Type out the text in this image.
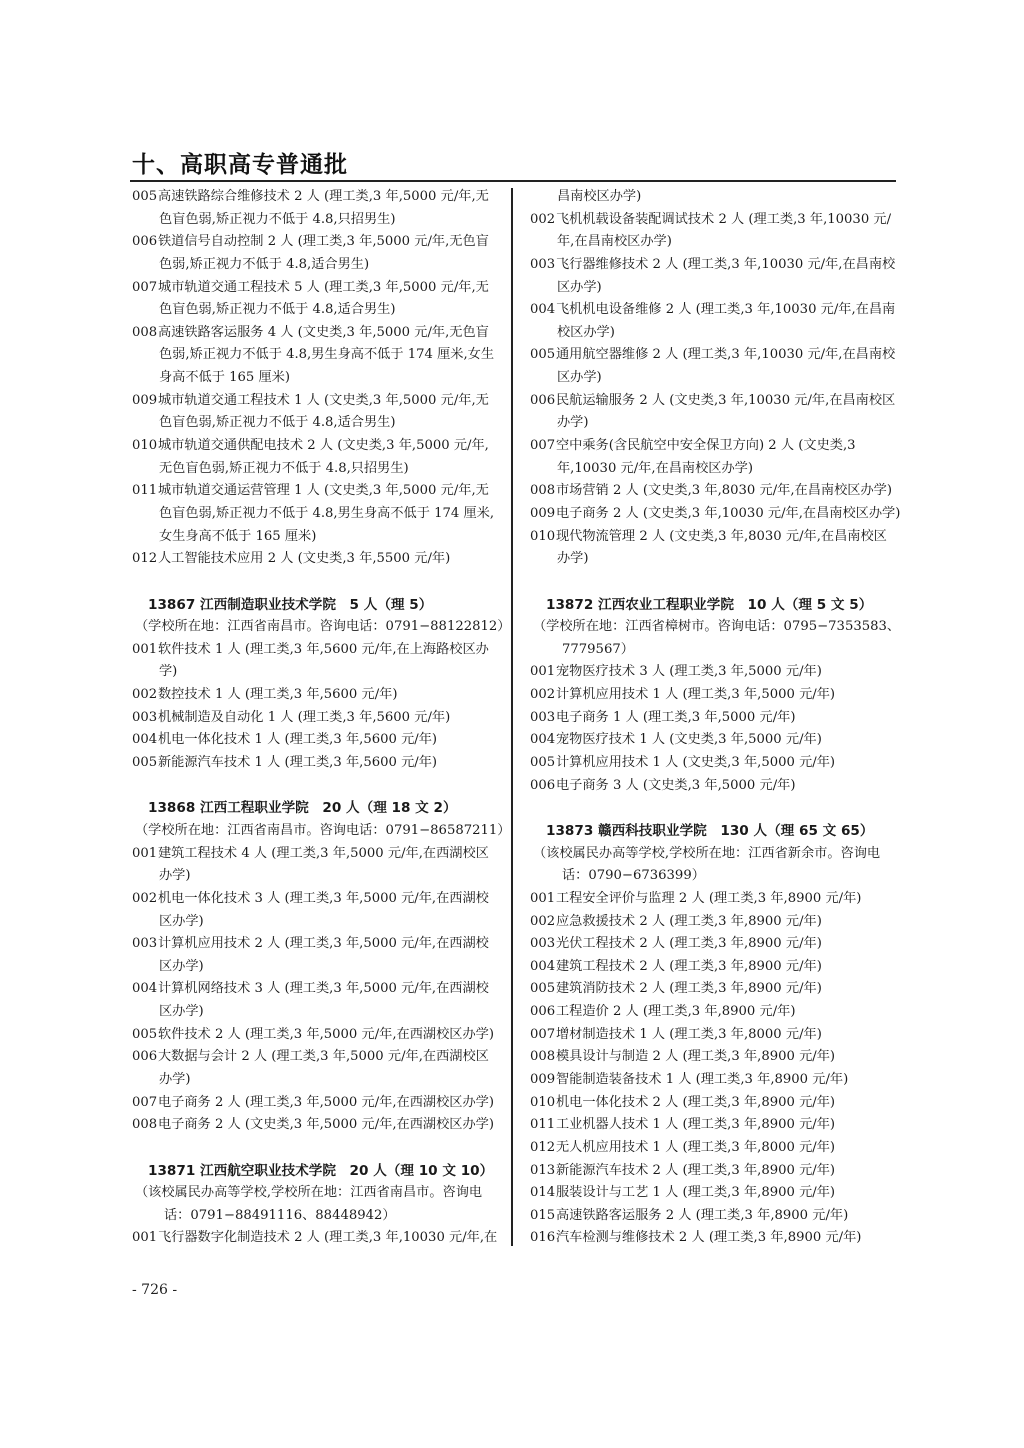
十、高职高专普通批
005高速铁路综合维修技术 2 人 (理工类,3 年,5000 元/年,无
色盲色弱,矫正视力不低于 4.8,只招男生)
006铁道信号自动控制 2 人 (理工类,3 年,5000 元/年,无色盲
色弱,矫正视力不低于 4.8,适合男生)
007城市轨道交通工程技术 5 人 (理工类,3 年,5000 元/年,无
色盲色弱,矫正视力不低于 4.8,适合男生)
008高速铁路客运服务 4 人 (文史类,3 年,5000 元/年,无色盲
色弱,矫正视力不低于 4.8,男生身高不低于 174 厘米,女生
身高不低于 165 厘米)
009城市轨道交通工程技术 1 人 (文史类,3 年,5000 元/年,无
色盲色弱,矫正视力不低于 4.8,适合男生)
010城市轨道交通供配电技术 2 人 (文史类,3 年,5000 元/年,
无色盲色弱,矫正视力不低于 4.8,只招男生)
011城市轨道交通运营管理 1 人 (文史类,3 年,5000 元/年,无
色盲色弱,矫正视力不低于 4.8,男生身高不低于 174 厘米,
女生身高不低于 165 厘米)
012人工智能技术应用 2 人 (文史类,3 年,5500 元/年)
13867 江西制造职业技术学院　5 人（理 5）
（学校所在地：江西省南昌市。咨询电话：0791−88122812）
001软件技术 1 人 (理工类,3 年,5600 元/年,在上海路校区办
学)
002数控技术 1 人 (理工类,3 年,5600 元/年)
003机械制造及自动化 1 人 (理工类,3 年,5600 元/年)
004机电一体化技术 1 人 (理工类,3 年,5600 元/年)
005新能源汽车技术 1 人 (理工类,3 年,5600 元/年)
13868 江西工程职业学院　20 人（理 18 文 2）
（学校所在地：江西省南昌市。咨询电话：0791−86587211）
001建筑工程技术 4 人 (理工类,3 年,5000 元/年,在西湖校区
办学)
002机电一体化技术 3 人 (理工类,3 年,5000 元/年,在西湖校
区办学)
003计算机应用技术 2 人 (理工类,3 年,5000 元/年,在西湖校
区办学)
004计算机网络技术 3 人 (理工类,3 年,5000 元/年,在西湖校
区办学)
005软件技术 2 人 (理工类,3 年,5000 元/年,在西湖校区办学)
006大数据与会计 2 人 (理工类,3 年,5000 元/年,在西湖校区
办学)
007电子商务 2 人 (理工类,3 年,5000 元/年,在西湖校区办学)
008电子商务 2 人 (文史类,3 年,5000 元/年,在西湖校区办学)
13871 江西航空职业技术学院　20 人（理 10 文 10）
（该校属民办高等学校,学校所在地：江西省南昌市。咨询电
话：0791−88491116、88448942）
001飞行器数字化制造技术 2 人 (理工类,3 年,10030 元/年,在
昌南校区办学)
002飞机机载设备装配调试技术 2 人 (理工类,3 年,10030 元/
年,在昌南校区办学)
003飞行器维修技术 2 人 (理工类,3 年,10030 元/年,在昌南校
区办学)
004飞机机电设备维修 2 人 (理工类,3 年,10030 元/年,在昌南
校区办学)
005通用航空器维修 2 人 (理工类,3 年,10030 元/年,在昌南校
区办学)
006民航运输服务 2 人 (文史类,3 年,10030 元/年,在昌南校区
办学)
007空中乘务(含民航空中安全保卫方向) 2 人 (文史类,3
年,10030 元/年,在昌南校区办学)
008市场营销 2 人 (文史类,3 年,8030 元/年,在昌南校区办学)
009电子商务 2 人 (文史类,3 年,10030 元/年,在昌南校区办学)
010现代物流管理 2 人 (文史类,3 年,8030 元/年,在昌南校区
办学)
13872 江西农业工程职业学院　10 人（理 5 文 5）
（学校所在地：江西省樟树市。咨询电话：0795−7353583、
7779567）
001宠物医疗技术 3 人 (理工类,3 年,5000 元/年)
002计算机应用技术 1 人 (理工类,3 年,5000 元/年)
003电子商务 1 人 (理工类,3 年,5000 元/年)
004宠物医疗技术 1 人 (文史类,3 年,5000 元/年)
005计算机应用技术 1 人 (文史类,3 年,5000 元/年)
006电子商务 3 人 (文史类,3 年,5000 元/年)
13873 赣西科技职业学院　130 人（理 65 文 65）
（该校属民办高等学校,学校所在地：江西省新余市。咨询电
话：0790−6736399）
001工程安全评价与监理 2 人 (理工类,3 年,8900 元/年)
002应急救援技术 2 人 (理工类,3 年,8900 元/年)
003光伏工程技术 2 人 (理工类,3 年,8900 元/年)
004建筑工程技术 2 人 (理工类,3 年,8900 元/年)
005建筑消防技术 2 人 (理工类,3 年,8900 元/年)
006工程造价 2 人 (理工类,3 年,8900 元/年)
007增材制造技术 1 人 (理工类,3 年,8000 元/年)
008模具设计与制造 2 人 (理工类,3 年,8900 元/年)
009智能制造装备技术 1 人 (理工类,3 年,8900 元/年)
010机电一体化技术 2 人 (理工类,3 年,8900 元/年)
011工业机器人技术 1 人 (理工类,3 年,8900 元/年)
012无人机应用技术 1 人 (理工类,3 年,8000 元/年)
013新能源汽车技术 2 人 (理工类,3 年,8900 元/年)
014服装设计与工艺 1 人 (理工类,3 年,8900 元/年)
015高速铁路客运服务 2 人 (理工类,3 年,8900 元/年)
016汽车检测与维修技术 2 人 (理工类,3 年,8900 元/年)
- 726 -
